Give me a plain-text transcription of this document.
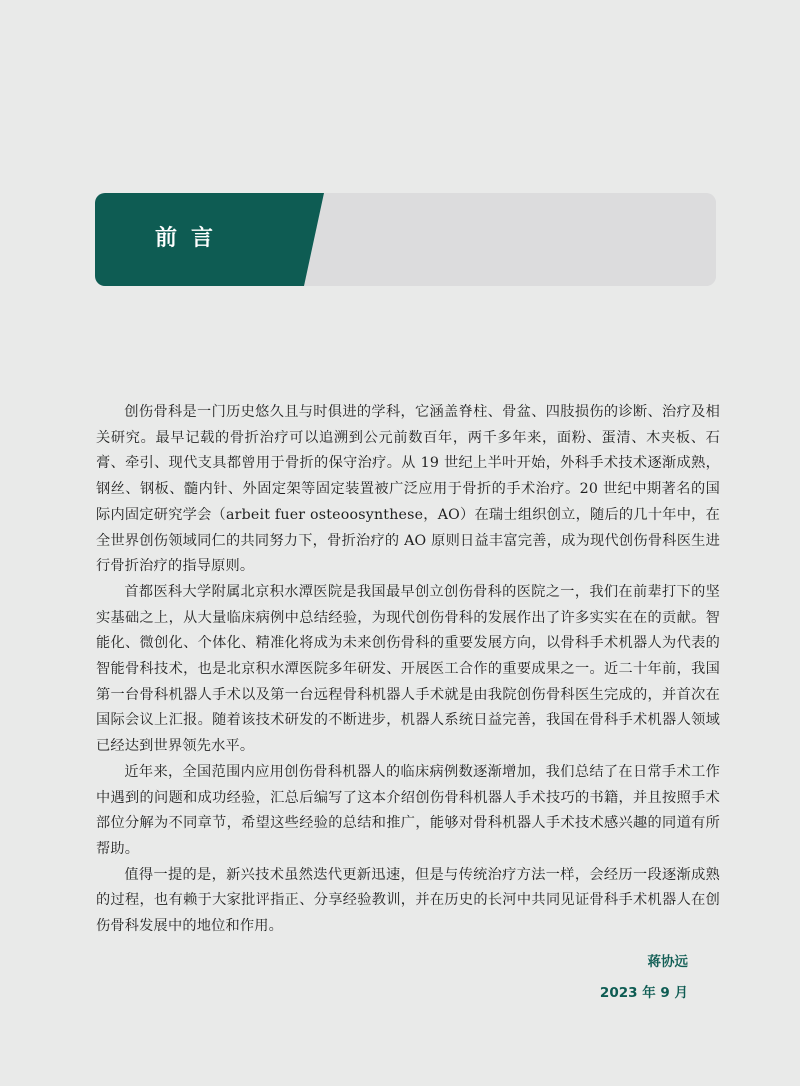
前言

创伤骨科是一门历史悠久且与时俱进的学科，它涵盖脊柱、骨盆、四肢损伤的诊断、治疗及相关研究。最早记载的骨折治疗可以追溯到公元前数百年，两千多年来，面粉、蛋清、木夹板、石膏、牵引、现代支具都曾用于骨折的保守治疗。从 19 世纪上半叶开始，外科手术技术逐渐成熟，钢丝、钢板、髓内针、外固定架等固定装置被广泛应用于骨折的手术治疗。20 世纪中期著名的国际内固定研究学会（arbeit fuer osteoosynthese，AO）在瑞士组织创立，随后的几十年中，在全世界创伤领域同仁的共同努力下，骨折治疗的 AO 原则日益丰富完善，成为现代创伤骨科医生进行骨折治疗的指导原则。

首都医科大学附属北京积水潭医院是我国最早创立创伤骨科的医院之一，我们在前辈打下的坚实基础之上，从大量临床病例中总结经验，为现代创伤骨科的发展作出了许多实实在在的贡献。智能化、微创化、个体化、精准化将成为未来创伤骨科的重要发展方向，以骨科手术机器人为代表的智能骨科技术，也是北京积水潭医院多年研发、开展医工合作的重要成果之一。近二十年前，我国第一台骨科机器人手术以及第一台远程骨科机器人手术就是由我院创伤骨科医生完成的，并首次在国际会议上汇报。随着该技术研发的不断进步，机器人系统日益完善，我国在骨科手术机器人领域已经达到世界领先水平。

近年来，全国范围内应用创伤骨科机器人的临床病例数逐渐增加，我们总结了在日常手术工作中遇到的问题和成功经验，汇总后编写了这本介绍创伤骨科机器人手术技巧的书籍，并且按照手术部位分解为不同章节，希望这些经验的总结和推广，能够对骨科机器人手术技术感兴趣的同道有所帮助。

值得一提的是，新兴技术虽然迭代更新迅速，但是与传统治疗方法一样，会经历一段逐渐成熟的过程，也有赖于大家批评指正、分享经验教训，并在历史的长河中共同见证骨科手术机器人在创伤骨科发展中的地位和作用。

蒋协远
2023 年 9 月
